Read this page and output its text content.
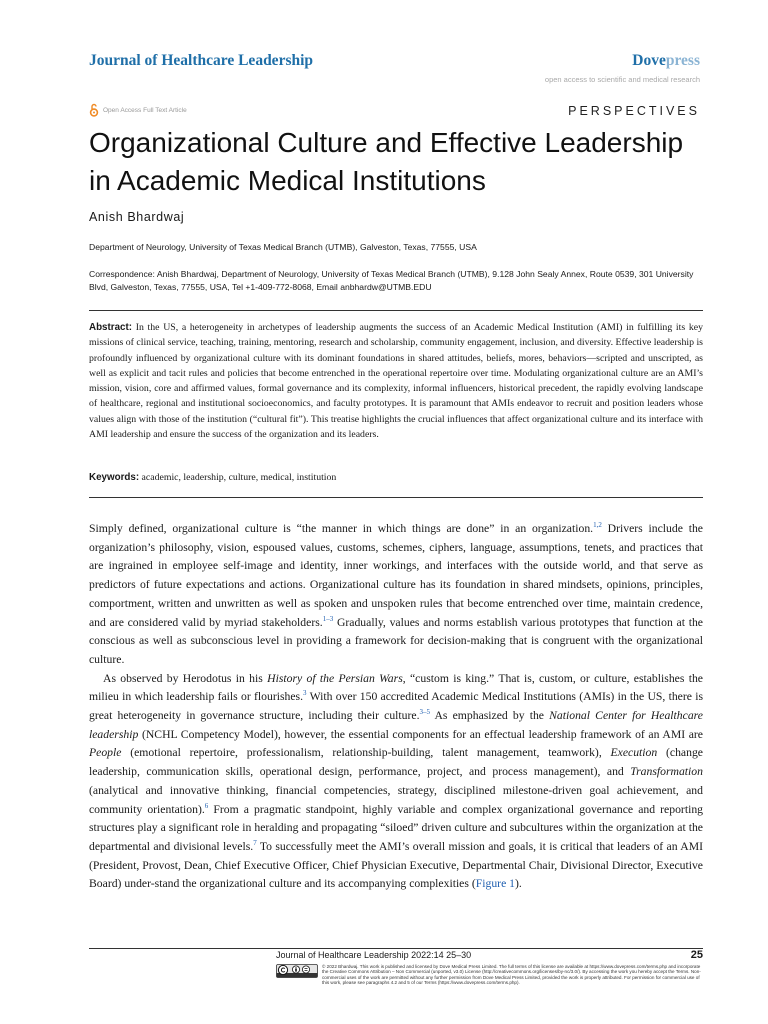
Journal of Healthcare Leadership	Dovepress
open access to scientific and medical research
Open Access Full Text Article	PERSPECTIVES
Organizational Culture and Effective Leadership in Academic Medical Institutions
Anish Bhardwaj
Department of Neurology, University of Texas Medical Branch (UTMB), Galveston, Texas, 77555, USA
Correspondence: Anish Bhardwaj, Department of Neurology, University of Texas Medical Branch (UTMB), 9.128 John Sealy Annex, Route 0539, 301 University Blvd, Galveston, Texas, 77555, USA, Tel +1-409-772-8068, Email anbhardw@UTMB.EDU
Abstract: In the US, a heterogeneity in archetypes of leadership augments the success of an Academic Medical Institution (AMI) in fulfilling its key missions of clinical service, teaching, training, mentoring, research and scholarship, community engagement, inclusion, and diversity. Effective leadership is profoundly influenced by organizational culture with its dominant foundations in shared attitudes, beliefs, mores, behaviors—scripted and unscripted, as well as explicit and tacit rules and policies that become entrenched in the operational repertoire over time. Modulating organizational culture are an AMI’s mission, vision, core and affirmed values, formal governance and its complexity, informal influencers, historical precedent, the rapidly evolving landscape of healthcare, regional and institutional socioeconomics, and faculty prototypes. It is paramount that AMIs endeavor to recruit and position leaders whose values align with those of the institution (“cultural fit”). This treatise highlights the crucial influences that affect organizational culture and its interface with AMI leadership and ensure the success of the organization and its leaders.
Keywords: academic, leadership, culture, medical, institution

Simply defined, organizational culture is “the manner in which things are done” in an organization.$^{1,2}$ Drivers include the organization’s philosophy, vision, espoused values, customs, schemes, ciphers, language, assumptions, tenets, and practices that are ingrained in employee self-image and identity, inner workings, and interfaces with the outside world, and that serve as predictors of future expectations and actions. Organizational culture has its foundation in shared mindsets, opinions, principles, comportment, written and unwritten as well as spoken and unspoken rules that become entrenched over time, maintain credence, and are considered valid by myriad stakeholders.$^{1-3}$ Gradually, values and norms establish various prototypes that function at the conscious as well as subconscious level in providing a framework for decision-making that is congruent with the organizational culture.

As observed by Herodotus in his History of the Persian Wars, “custom is king.” That is, custom, or culture, establishes the milieu in which leadership fails or flourishes.$^3$ With over 150 accredited Academic Medical Institutions (AMIs) in the US, there is great heterogeneity in governance structure, including their culture.$^{3-5}$ As emphasized by the National Center for Healthcare leadership (NCHL Competency Model), however, the essential components for an effectual leadership framework of an AMI are People (emotional repertoire, professionalism, relationship-building, talent management, teamwork), Execution (change leadership, communication skills, operational design, performance, project, and process management), and Transformation (analytical and innovative thinking, financial competencies, strategy, disciplined milestone-driven goal achievement, and community orientation).$^6$ From a pragmatic standpoint, highly variable and complex organizational governance and reporting structures play a significant role in heralding and propagating “siloed” driven culture and subcultures within the organization at the departmental and divisional levels.$^7$ To successfully meet the AMI’s overall mission and goals, it is critical that leaders of an AMI (President, Provost, Dean, Chief Executive Officer, Chief Physician Executive, Departmental Chair, Divisional Director, Executive Board) under-stand the organizational culture and its accompanying complexities (Figure 1).

Journal of Healthcare Leadership 2022:14 25–30	25
© 2022 Bhardwaj. This work is published and licensed by Dove Medical Press Limited. The full terms of this license are available at https://www.dovepress.com/terms.php and incorporate the Creative Commons Attribution – Non Commercial (unported, v3.0) License (http://creativecommons.org/licenses/by-nc/3.0/). By accessing the work you hereby accept the Terms. Non-commercial uses of the work are permitted without any further permission from Dove Medical Press Limited, provided the work is properly attributed. For permission for commercial use of this work, please see paragraphs 4.2 and 5 of our Terms (https://www.dovepress.com/terms.php).
